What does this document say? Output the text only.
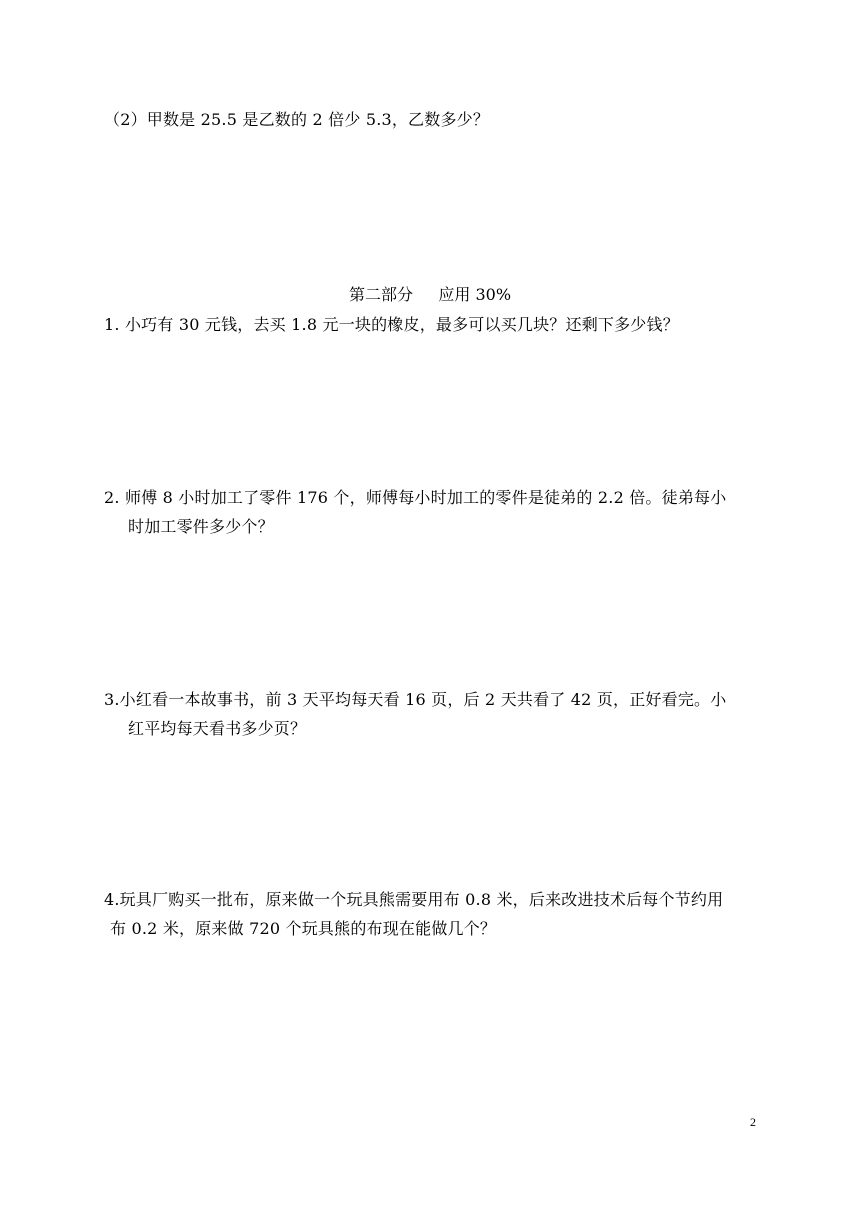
（2）甲数是 25.5 是乙数的 2 倍少 5.3，乙数多少？
第二部分     应用 30%
1. 小巧有 30 元钱，去买 1.8 元一块的橡皮，最多可以买几块？还剩下多少钱？
2. 师傅 8 小时加工了零件 176 个，师傅每小时加工的零件是徒弟的 2.2 倍。徒弟每小
时加工零件多少个？
3.小红看一本故事书，前 3 天平均每天看 16 页，后 2 天共看了 42 页，正好看完。小
红平均每天看书多少页？
4.玩具厂购买一批布，原来做一个玩具熊需要用布 0.8 米，后来改进技术后每个节约用
布 0.2 米，原来做 720 个玩具熊的布现在能做几个？
2
